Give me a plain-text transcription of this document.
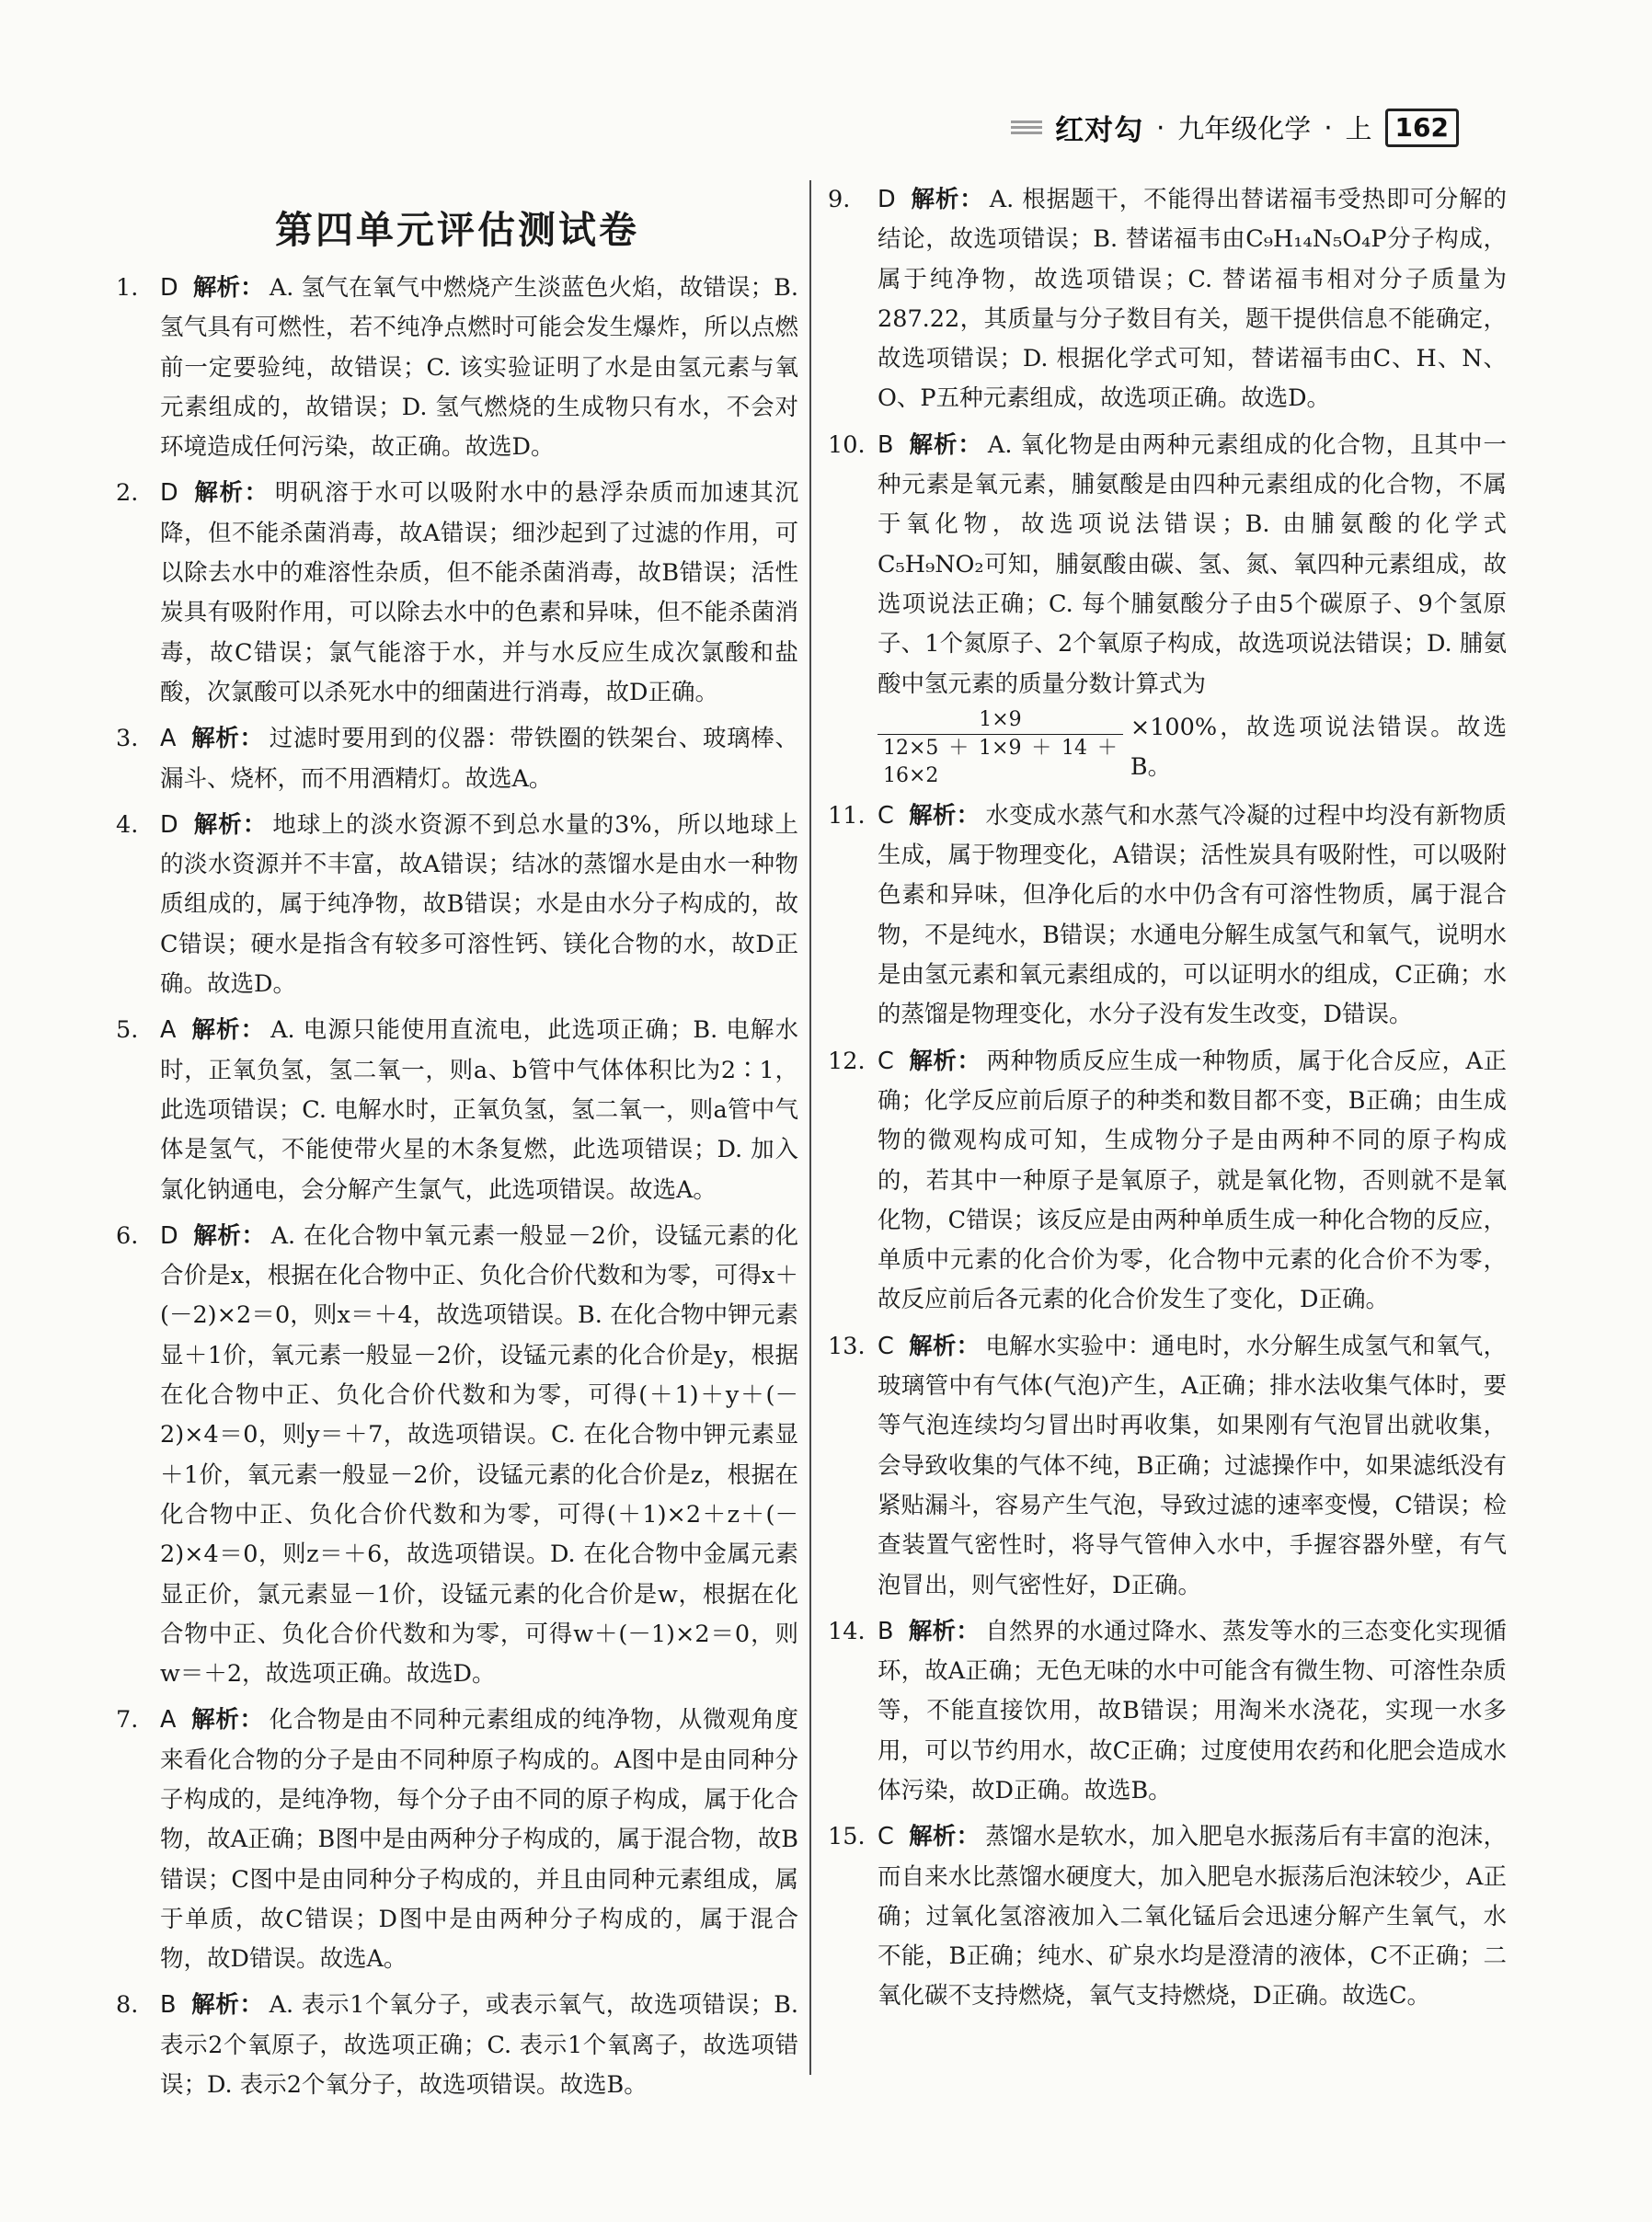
红对勾 · 九年级化学 · 上 162
第四单元评估测试卷
1. D 解析： A. 氢气在氧气中燃烧产生淡蓝色火焰，故错误；B. 氢气具有可燃性，若不纯净点燃时可能会发生爆炸，所以点燃前一定要验纯，故错误；C. 该实验证明了水是由氢元素与氧元素组成的，故错误；D. 氢气燃烧的生成物只有水，不会对环境造成任何污染，故正确。故选D。
2. D 解析： 明矾溶于水可以吸附水中的悬浮杂质而加速其沉降，但不能杀菌消毒，故A错误；细沙起到了过滤的作用，可以除去水中的难溶性杂质，但不能杀菌消毒，故B错误；活性炭具有吸附作用，可以除去水中的色素和异味，但不能杀菌消毒，故C错误；氯气能溶于水，并与水反应生成次氯酸和盐酸，次氯酸可以杀死水中的细菌进行消毒，故D正确。
3. A 解析： 过滤时要用到的仪器：带铁圈的铁架台、玻璃棒、漏斗、烧杯，而不用酒精灯。故选A。
4. D 解析： 地球上的淡水资源不到总水量的3%，所以地球上的淡水资源并不丰富，故A错误；结冰的蒸馏水是由水一种物质组成的，属于纯净物，故B错误；水是由水分子构成的，故C错误；硬水是指含有较多可溶性钙、镁化合物的水，故D正确。故选D。
5. A 解析： A. 电源只能使用直流电，此选项正确；B. 电解水时，正氧负氢，氢二氧一，则a、b管中气体体积比为2∶1，此选项错误；C. 电解水时，正氧负氢，氢二氧一，则a管中气体是氢气，不能使带火星的木条复燃，此选项错误；D. 加入氯化钠通电，会分解产生氯气，此选项错误。故选A。
6. D 解析： A. 在化合物中氧元素一般显－2价，设锰元素的化合价是x，根据在化合物中正、负化合价代数和为零，可得x＋(－2)×2＝0，则x＝＋4，故选项错误。B. 在化合物中钾元素显＋1价，氧元素一般显－2价，设锰元素的化合价是y，根据在化合物中正、负化合价代数和为零，可得(＋1)＋y＋(－2)×4＝0，则y＝＋7，故选项错误。C. 在化合物中钾元素显＋1价，氧元素一般显－2价，设锰元素的化合价是z，根据在化合物中正、负化合价代数和为零，可得(＋1)×2＋z＋(－2)×4＝0，则z＝＋6，故选项错误。D. 在化合物中金属元素显正价，氯元素显－1价，设锰元素的化合价是w，根据在化合物中正、负化合价代数和为零，可得w＋(－1)×2＝0，则w＝＋2，故选项正确。故选D。
7. A 解析： 化合物是由不同种元素组成的纯净物，从微观角度来看化合物的分子是由不同种原子构成的。A图中是由同种分子构成的，是纯净物，每个分子由不同的原子构成，属于化合物，故A正确；B图中是由两种分子构成的，属于混合物，故B错误；C图中是由同种分子构成的，并且由同种元素组成，属于单质，故C错误；D图中是由两种分子构成的，属于混合物，故D错误。故选A。
8. B 解析： A. 表示1个氧分子，或表示氧气，故选项错误；B. 表示2个氧原子，故选项正确；C. 表示1个氧离子，故选项错误；D. 表示2个氧分子，故选项错误。故选B。
9. D 解析： A. 根据题干，不能得出替诺福韦受热即可分解的结论，故选项错误；B. 替诺福韦由C₉H₁₄N₅O₄P分子构成，属于纯净物，故选项错误；C. 替诺福韦相对分子质量为287.22，其质量与分子数目有关，题干提供信息不能确定，故选项错误；D. 根据化学式可知，替诺福韦由C、H、N、O、P五种元素组成，故选项正确。故选D。
10. B 解析： A. 氧化物是由两种元素组成的化合物，且其中一种元素是氧元素，脯氨酸是由四种元素组成的化合物，不属于氧化物，故选项说法错误；B. 由脯氨酸的化学式C₅H₉NO₂可知，脯氨酸由碳、氢、氮、氧四种元素组成，故选项说法正确；C. 每个脯氨酸分子由5个碳原子、9个氢原子、1个氮原子、2个氧原子构成，故选项说法错误；D. 脯氨酸中氢元素的质量分数计算式为
$\frac{1\times 9}{12\times 5+1\times 9+14+16\times 2} \times 100\%$，故选项说法错误。故选B。
11. C 解析： 水变成水蒸气和水蒸气冷凝的过程中均没有新物质生成，属于物理变化，A错误；活性炭具有吸附性，可以吸附色素和异味，但净化后的水中仍含有可溶性物质，属于混合物，不是纯水，B错误；水通电分解生成氢气和氧气，说明水是由氢元素和氧元素组成的，可以证明水的组成，C正确；水的蒸馏是物理变化，水分子没有发生改变，D错误。
12. C 解析： 两种物质反应生成一种物质，属于化合反应，A正确；化学反应前后原子的种类和数目都不变，B正确；由生成物的微观构成可知，生成物分子是由两种不同的原子构成的，若其中一种原子是氧原子，就是氧化物，否则就不是氧化物，C错误；该反应是由两种单质生成一种化合物的反应，单质中元素的化合价为零，化合物中元素的化合价不为零，故反应前后各元素的化合价发生了变化，D正确。
13. C 解析： 电解水实验中：通电时，水分解生成氢气和氧气，玻璃管中有气体(气泡)产生，A正确；排水法收集气体时，要等气泡连续均匀冒出时再收集，如果刚有气泡冒出就收集，会导致收集的气体不纯，B正确；过滤操作中，如果滤纸没有紧贴漏斗，容易产生气泡，导致过滤的速率变慢，C错误；检查装置气密性时，将导气管伸入水中，手握容器外壁，有气泡冒出，则气密性好，D正确。
14. B 解析： 自然界的水通过降水、蒸发等水的三态变化实现循环，故A正确；无色无味的水中可能含有微生物、可溶性杂质等，不能直接饮用，故B错误；用淘米水浇花，实现一水多用，可以节约用水，故C正确；过度使用农药和化肥会造成水体污染，故D正确。故选B。
15. C 解析： 蒸馏水是软水，加入肥皂水振荡后有丰富的泡沫，而自来水比蒸馏水硬度大，加入肥皂水振荡后泡沫较少，A正确；过氧化氢溶液加入二氧化锰后会迅速分解产生氧气，水不能，B正确；纯水、矿泉水均是澄清的液体，C不正确；二氧化碳不支持燃烧，氧气支持燃烧，D正确。故选C。
